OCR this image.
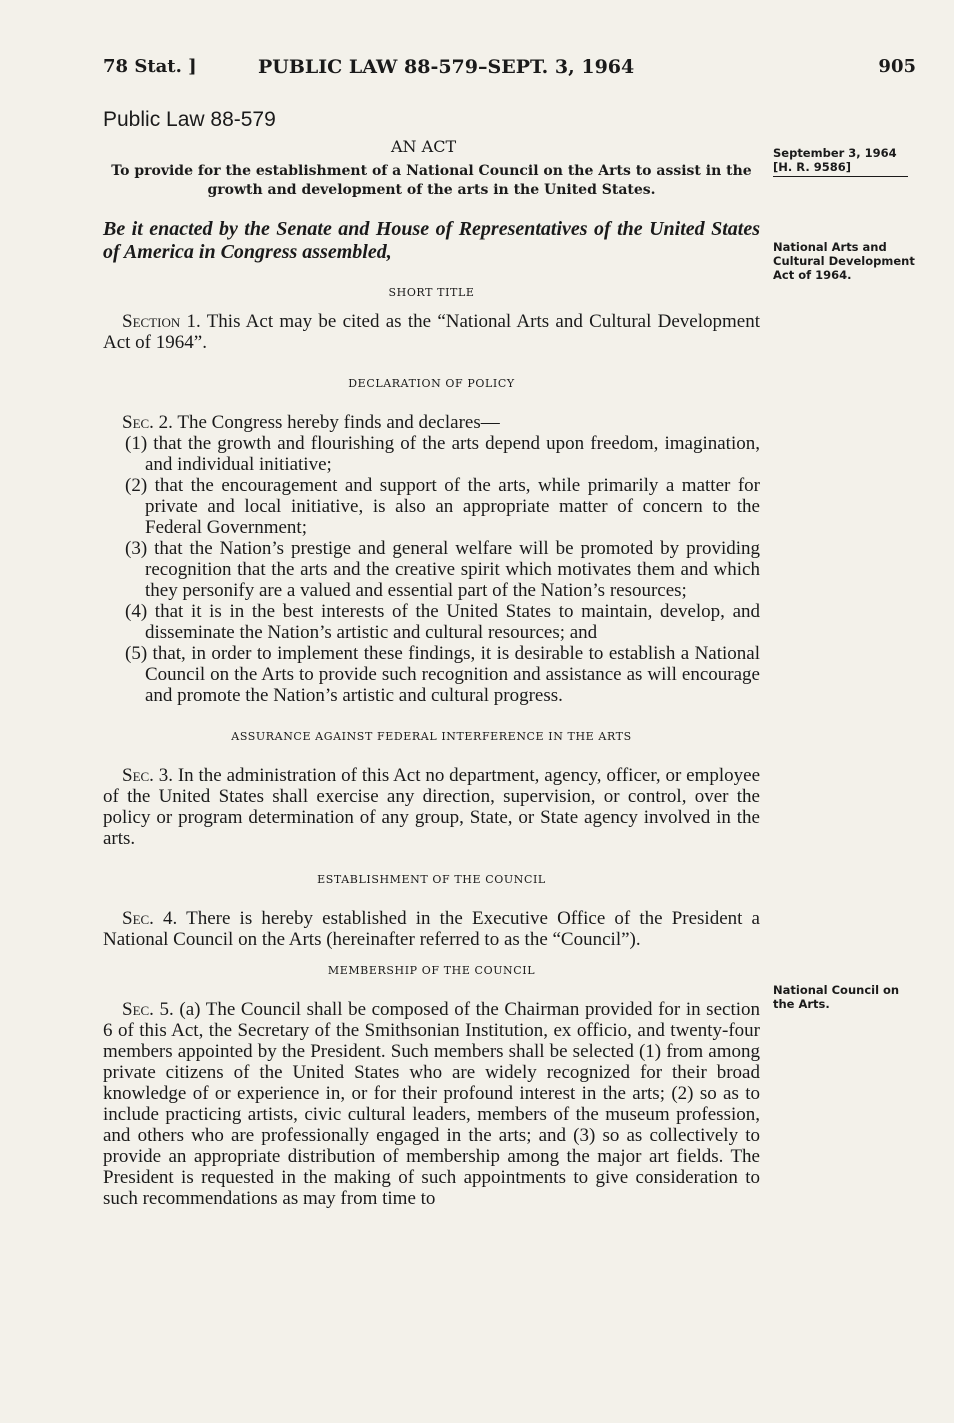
78 Stat. ]	PUBLIC LAW 88-579–SEPT. 3, 1964	905
Public Law 88-579
AN ACT
To provide for the establishment of a National Council on the Arts to assist in the growth and development of the arts in the United States.
September 3, 1964
[H. R. 9586]
National Arts and Cultural Development Act of 1964.
National Council on the Arts.

Be it enacted by the Senate and House of Representatives of the United States of America in Congress assembled,

SHORT TITLE

Section 1. This Act may be cited as the “National Arts and Cultural Development Act of 1964”.

DECLARATION OF POLICY

Sec. 2. The Congress hereby finds and declares—

(1) that the growth and flourishing of the arts depend upon freedom, imagination, and individual initiative;

(2) that the encouragement and support of the arts, while primarily a matter for private and local initiative, is also an appropriate matter of concern to the Federal Government;

(3) that the Nation’s prestige and general welfare will be promoted by providing recognition that the arts and the creative spirit which motivates them and which they personify are a valued and essential part of the Nation’s resources;

(4) that it is in the best interests of the United States to maintain, develop, and disseminate the Nation’s artistic and cultural resources; and

(5) that, in order to implement these findings, it is desirable to establish a National Council on the Arts to provide such recognition and assistance as will encourage and promote the Nation’s artistic and cultural progress.

ASSURANCE AGAINST FEDERAL INTERFERENCE IN THE ARTS

Sec. 3. In the administration of this Act no department, agency, officer, or employee of the United States shall exercise any direction, supervision, or control, over the policy or program determination of any group, State, or State agency involved in the arts.

ESTABLISHMENT OF THE COUNCIL

Sec. 4. There is hereby established in the Executive Office of the President a National Council on the Arts (hereinafter referred to as the “Council”).

MEMBERSHIP OF THE COUNCIL

Sec. 5. (a) The Council shall be composed of the Chairman provided for in section 6 of this Act, the Secretary of the Smithsonian Institution, ex officio, and twenty-four members appointed by the President. Such members shall be selected (1) from among private citizens of the United States who are widely recognized for their broad knowledge of or experience in, or for their profound interest in the arts; (2) so as to include practicing artists, civic cultural leaders, members of the museum profession, and others who are professionally engaged in the arts; and (3) so as collectively to provide an appropriate distribution of membership among the major art fields. The President is requested in the making of such appointments to give consideration to such recommendations as may from time to
